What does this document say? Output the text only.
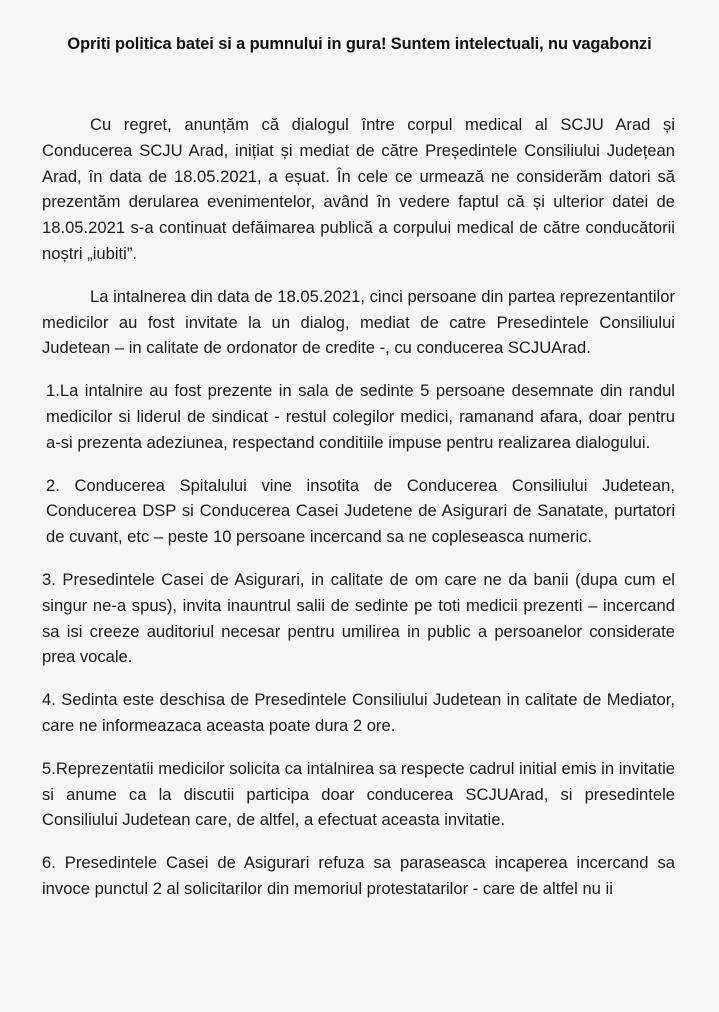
Opriti politica batei si a pumnului in gura! Suntem intelectuali, nu vagabonzi

Cu regret, anunțăm că dialogul între corpul medical al SCJU Arad și Conducerea SCJU Arad, inițiat și mediat de către Președintele Consiliului Județean Arad, în data de 18.05.2021, a eșuat. În cele ce urmează ne considerăm datori să prezentăm derularea evenimentelor, având în vedere faptul că și ulterior datei de 18.05.2021 s-a continuat defăimarea publică a corpului medical de către conducătorii noștri „iubiti”.

La intalnerea din data de 18.05.2021, cinci persoane din partea reprezentantilor medicilor au fost invitate la un dialog, mediat de catre Presedintele Consiliului Judetean – in calitate de ordonator de credite -, cu conducerea SCJUArad.

1.La intalnire au fost prezente in sala de sedinte 5 persoane desemnate din randul medicilor si liderul de sindicat - restul colegilor medici, ramanand afara, doar pentru a-si prezenta adeziunea, respectand conditiile impuse pentru realizarea dialogului.

2. Conducerea Spitalului vine insotita de Conducerea Consiliului Judetean, Conducerea DSP si Conducerea Casei Judetene de Asigurari de Sanatate, purtatori de cuvant, etc – peste 10 persoane incercand sa ne copleseasca numeric.

3. Presedintele Casei de Asigurari, in calitate de om care ne da banii (dupa cum el singur ne-a spus), invita inauntrul salii de sedinte pe toti medicii prezenti – incercand sa isi creeze auditoriul necesar pentru umilirea in public a persoanelor considerate prea vocale.

4. Sedinta este deschisa de Presedintele Consiliului Judetean in calitate de Mediator, care ne informeazaca aceasta poate dura 2 ore.

5.Reprezentatii medicilor solicita ca intalnirea sa respecte cadrul initial emis in invitatie si anume ca la discutii participa doar conducerea SCJUArad, si presedintele Consiliului Judetean care, de altfel, a efectuat aceasta invitatie.

6. Presedintele Casei de Asigurari refuza sa paraseasca incaperea incercand sa invoce punctul 2 al solicitarilor din memoriul protestatarilor - care de altfel nu ii
